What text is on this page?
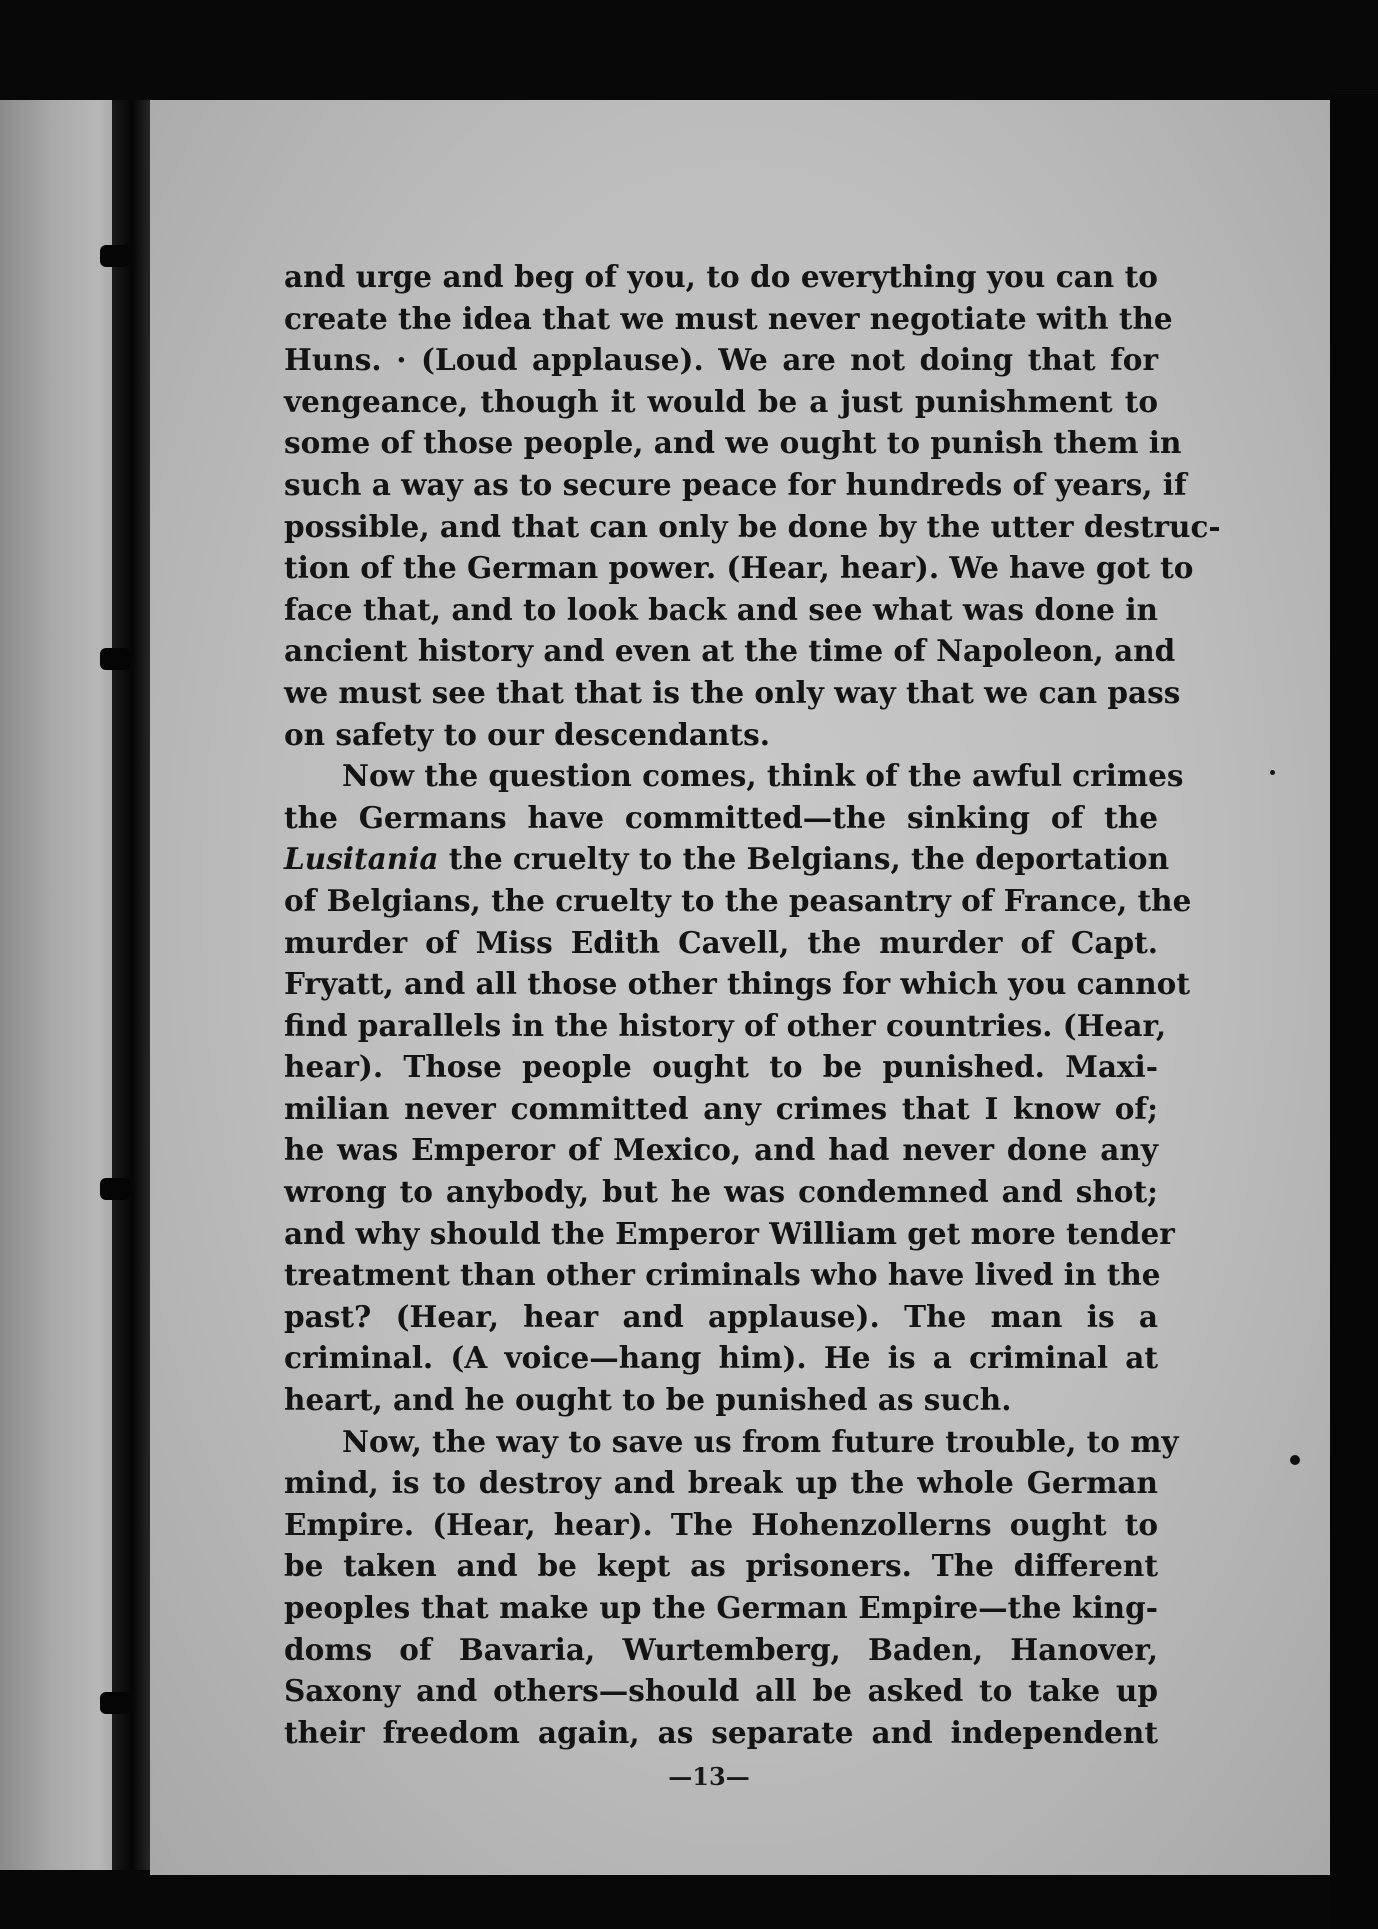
and urge and beg of you, to do everything you can to
create the idea that we must never negotiate with the
Huns. · (Loud applause). We are not doing that for
vengeance, though it would be a just punishment to
some of those people, and we ought to punish them in
such a way as to secure peace for hundreds of years, if
possible, and that can only be done by the utter destruc-
tion of the German power. (Hear, hear). We have got to
face that, and to look back and see what was done in
ancient history and even at the time of Napoleon, and
we must see that that is the only way that we can pass
on safety to our descendants.
Now the question comes, think of the awful crimes
the Germans have committed—the sinking of the
Lusitania the cruelty to the Belgians, the deportation
of Belgians, the cruelty to the peasantry of France, the
murder of Miss Edith Cavell, the murder of Capt.
Fryatt, and all those other things for which you cannot
find parallels in the history of other countries. (Hear,
hear). Those people ought to be punished. Maxi-
milian never committed any crimes that I know of;
he was Emperor of Mexico, and had never done any
wrong to anybody, but he was condemned and shot;
and why should the Emperor William get more tender
treatment than other criminals who have lived in the
past? (Hear, hear and applause). The man is a
criminal. (A voice—hang him). He is a criminal at
heart, and he ought to be punished as such.
Now, the way to save us from future trouble, to my
mind, is to destroy and break up the whole German
Empire. (Hear, hear). The Hohenzollerns ought to
be taken and be kept as prisoners. The different
peoples that make up the German Empire—the king-
doms of Bavaria, Wurtemberg, Baden, Hanover,
Saxony and others—should all be asked to take up
their freedom again, as separate and independent
—13—
